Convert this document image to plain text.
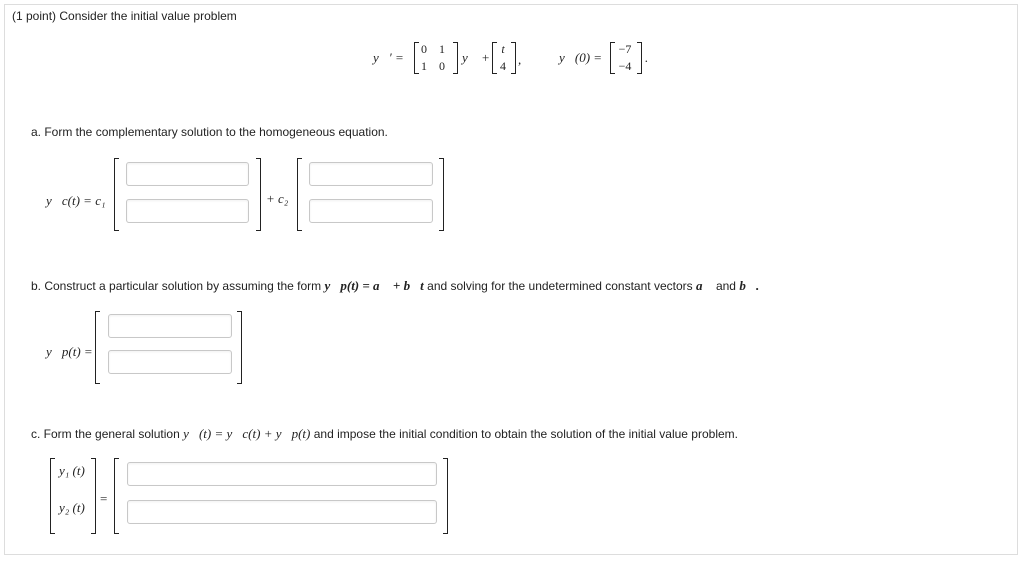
(1 point) Consider the initial value problem
y⃗′ =
0	1
1	0
y⃗ +
t
4 ,	y⃗(0) =
−7
−4
.
a. Form the complementary solution to the homogeneous equation.
y⃗c(t) = c₁	+ c₂
b. Construct a particular solution by assuming the form y⃗p(t) = a⃗ + b⃗t and solving for the undetermined constant vectors a⃗ and b⃗.
y⃗p(t) =
c. Form the general solution y⃗(t) = y⃗c(t) + y⃗p(t) and impose the initial condition to obtain the solution of the initial value problem.
y₁ (t)
y₂ (t)
=
